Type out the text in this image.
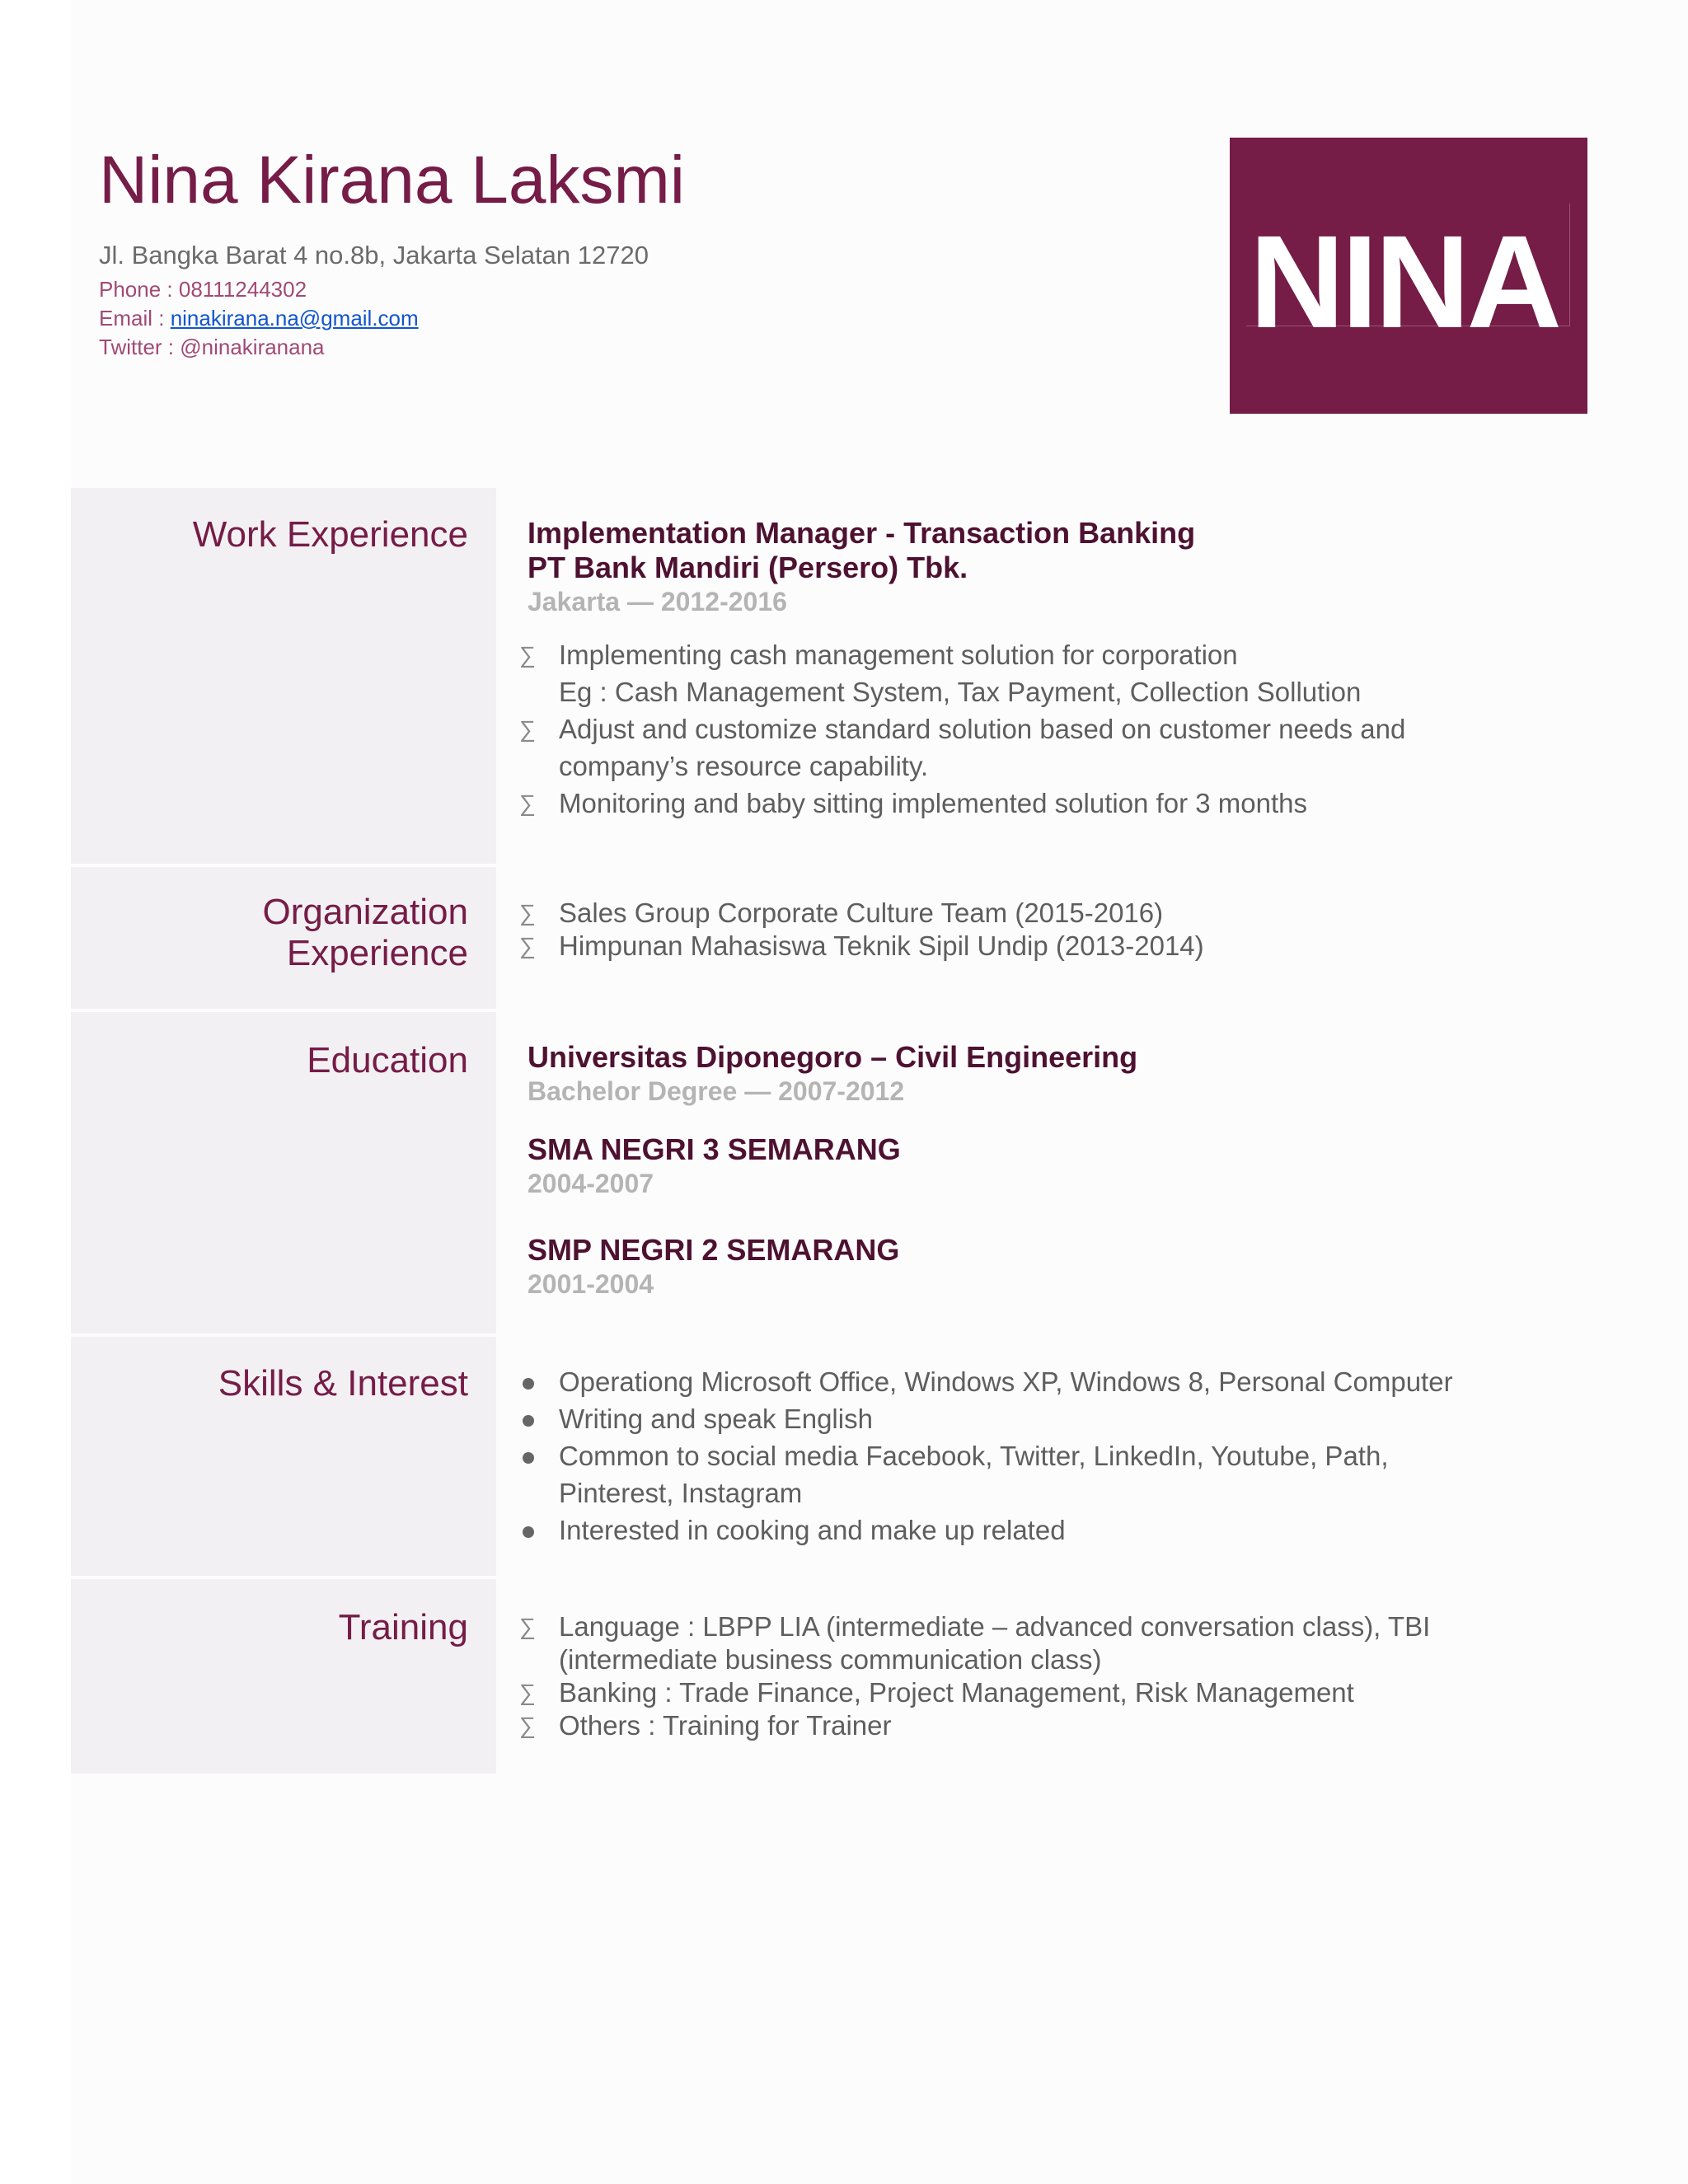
Nina Kirana Laksmi
Jl. Bangka Barat 4 no.8b, Jakarta Selatan 12720
Phone : 08111244302
Email : ninakirana.na@gmail.com
Twitter : @ninakiranana	NINA
Work Experience	Implementation Manager - Transaction Banking
PT Bank Mandiri (Persero) Tbk.
Jakarta — 2012-2016
∑ Implementing cash management solution for corporation
Eg : Cash Management System, Tax Payment, Collection Sollution
∑ Adjust and customize standard solution based on customer needs and
company’s resource capability.
∑ Monitoring and baby sitting implemented solution for 3 months
Organization
Experience
∑ Sales Group Corporate Culture Team (2015-2016)
∑ Himpunan Mahasiswa Teknik Sipil Undip (2013-2014)
Education	Universitas Diponegoro – Civil Engineering
Bachelor Degree — 2007-2012
SMA NEGRI 3 SEMARANG
2004-2007
SMP NEGRI 2 SEMARANG
2001-2004
Skills & Interest	Operationg Microsoft Office, Windows XP, Windows 8, Personal Computer
Writing and speak English
Common to social media Facebook, Twitter, LinkedIn, Youtube, Path,
Pinterest, Instagram
Interested in cooking and make up related
Training	∑ Language : LBPP LIA (intermediate – advanced conversation class), TBI
(intermediate business communication class)
∑ Banking : Trade Finance, Project Management, Risk Management
∑ Others : Training for Trainer
